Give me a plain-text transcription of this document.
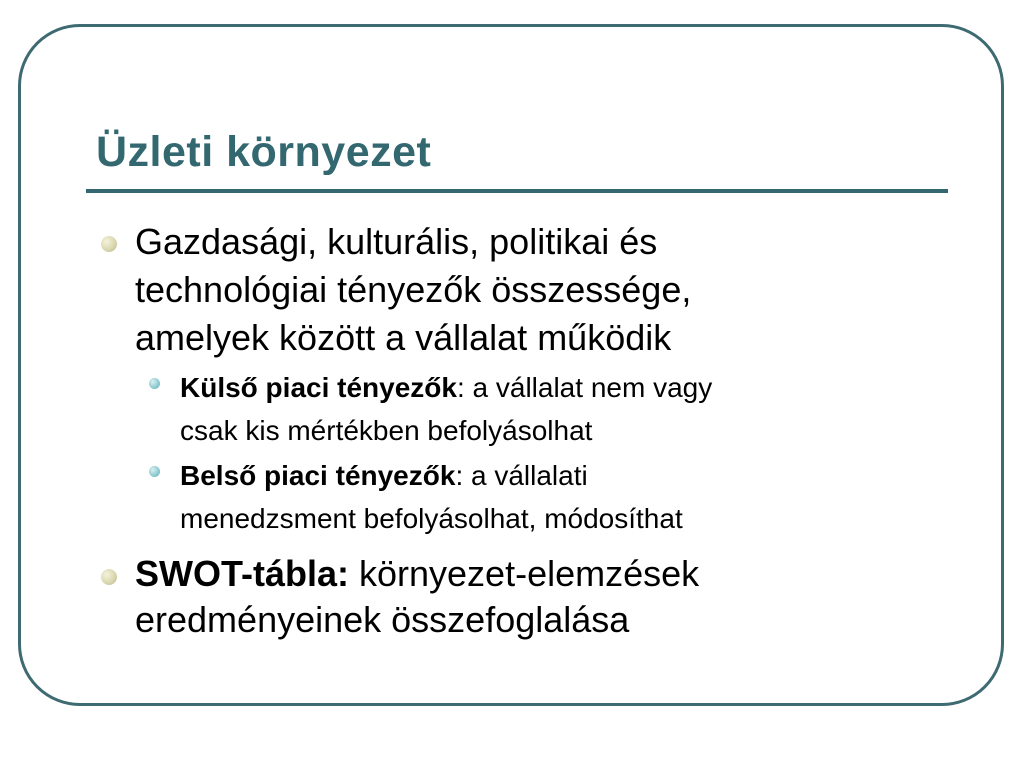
Üzleti környezet
Gazdasági, kulturális, politikai és
technológiai tényezők összessége,
amelyek között a vállalat működik
Külső piaci tényezők: a vállalat nem vagy
csak kis mértékben befolyásolhat
Belső piaci tényezők: a vállalati
menedzsment befolyásolhat, módosíthat
SWOT-tábla: környezet-elemzések
eredményeinek összefoglalása
